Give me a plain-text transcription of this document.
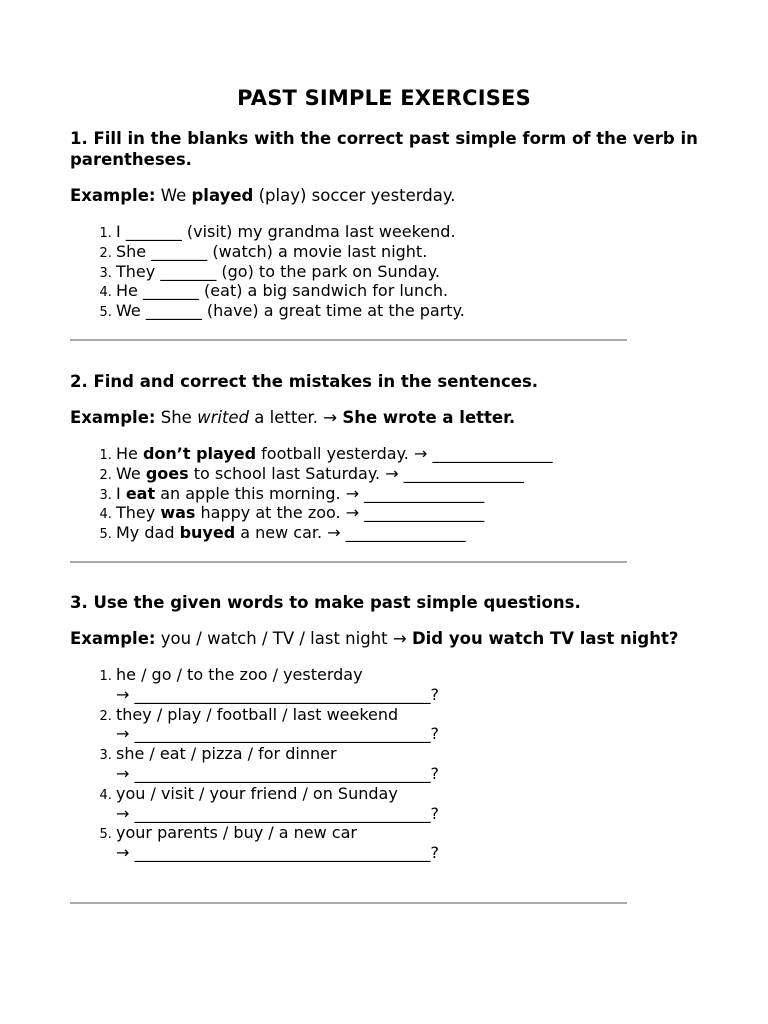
PAST SIMPLE EXERCISES

1. Fill in the blanks with the correct past simple form of the verb in parentheses.

Example: We played (play) soccer yesterday.

1. I _______ (visit) my grandma last weekend.
2. She _______ (watch) a movie last night.
3. They _______ (go) to the park on Sunday.
4. He _______ (eat) a big sandwich for lunch.
5. We _______ (have) a great time at the party.

2. Find and correct the mistakes in the sentences.

Example: She writed a letter. → She wrote a letter.

1. He don’t played football yesterday. → _______________
2. We goes to school last Saturday. → _______________
3. I eat an apple this morning. → _______________
4. They was happy at the zoo. → _______________
5. My dad buyed a new car. → _______________

3. Use the given words to make past simple questions.

Example: you / watch / TV / last night → Did you watch TV last night?

1. he / go / to the zoo / yesterday
→ _____________________________________?
2. they / play / football / last weekend
→ _____________________________________?
3. she / eat / pizza / for dinner
→ _____________________________________?
4. you / visit / your friend / on Sunday
→ _____________________________________?
5. your parents / buy / a new car
→ _____________________________________?
